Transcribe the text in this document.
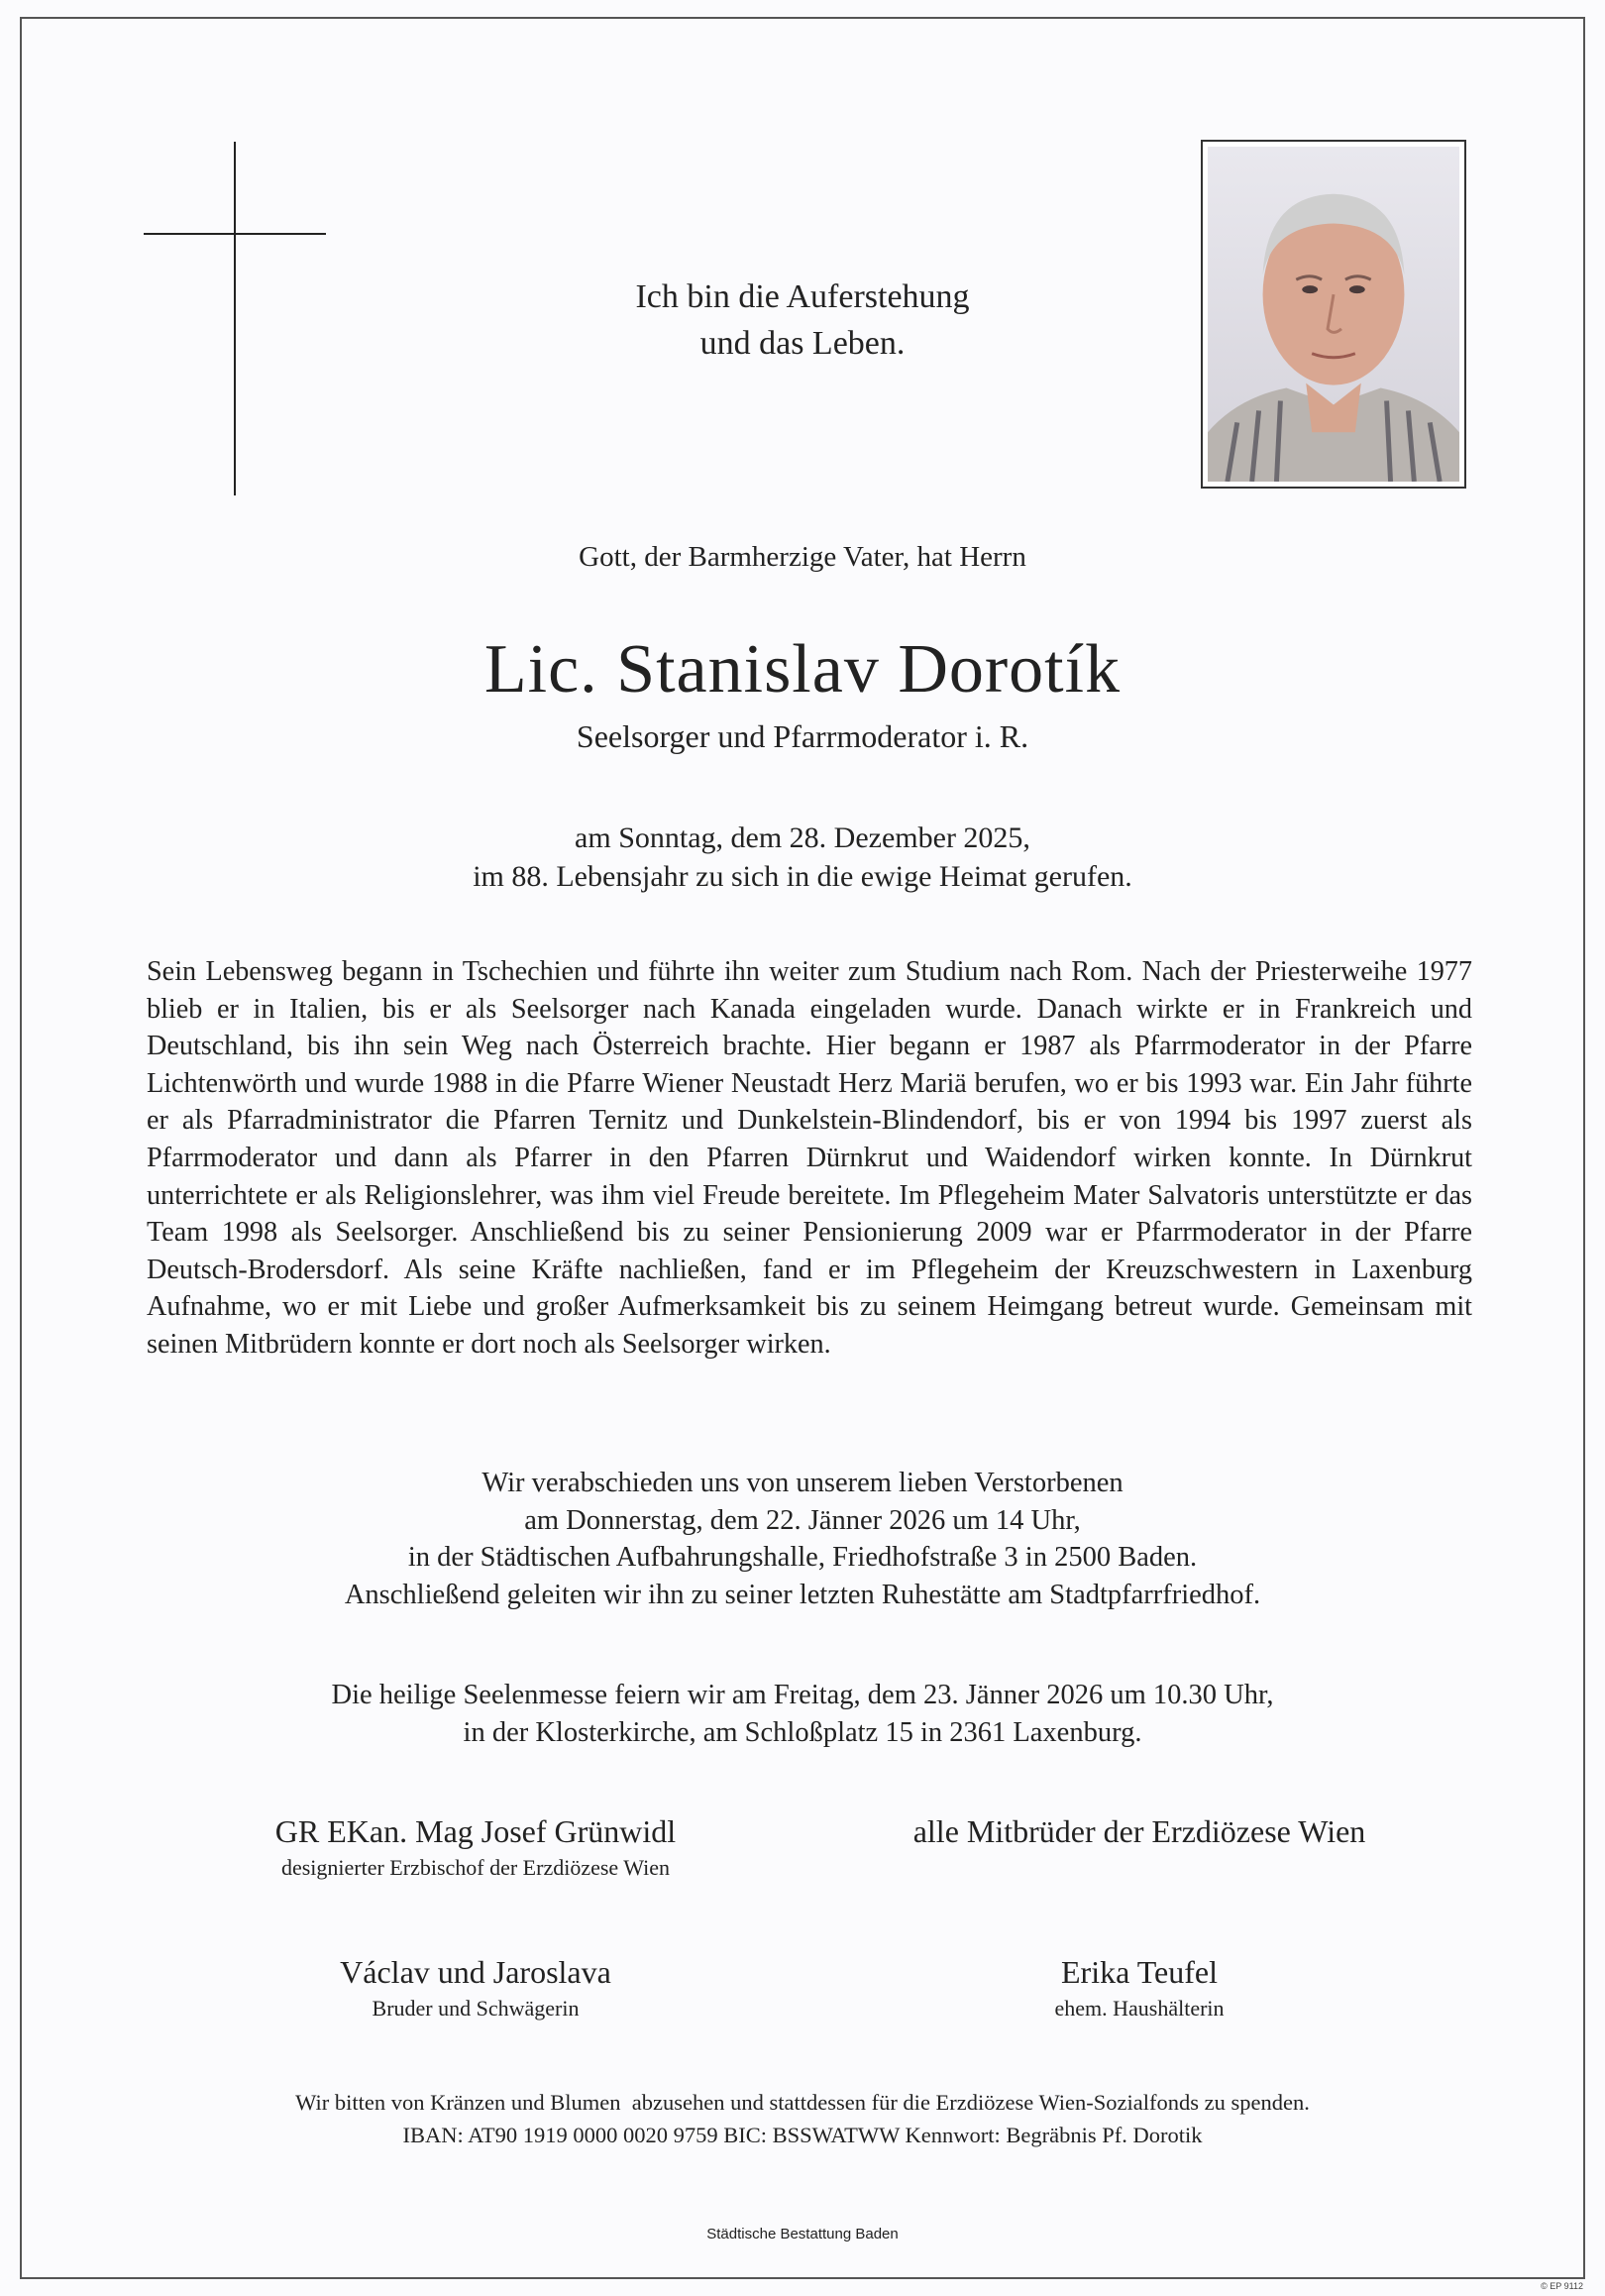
Ich bin die Auferstehung
und das Leben.
Gott, der Barmherzige Vater, hat Herrn
Lic. Stanislav Dorotík
Seelsorger und Pfarrmoderator i. R.
am Sonntag, dem 28. Dezember 2025,
im 88. Lebensjahr zu sich in die ewige Heimat gerufen.
Sein Lebensweg begann in Tschechien und führte ihn weiter zum Studium nach Rom. Nach der Priesterweihe 1977 blieb er in Italien, bis er als Seelsorger nach Kanada eingeladen wurde. Danach wirkte er in Frankreich und Deutschland, bis ihn sein Weg nach Österreich brachte. Hier begann er 1987 als Pfarrmoderator in der Pfarre Lichtenwörth und wurde 1988 in die Pfarre Wiener Neustadt Herz Mariä berufen, wo er bis 1993 war. Ein Jahr führte er als Pfarradministrator die Pfarren Ternitz und Dunkelstein-Blindendorf, bis er von 1994 bis 1997 zuerst als Pfarrmoderator und dann als Pfarrer in den Pfarren Dürnkrut und Waidendorf wirken konnte. In Dürnkrut unterrichtete er als Religionslehrer, was ihm viel Freude bereitete. Im Pflegeheim Mater Salvatoris unterstützte er das Team 1998 als Seelsorger. Anschließend bis zu seiner Pensionierung 2009 war er Pfarrmoderator in der Pfarre Deutsch-Brodersdorf. Als seine Kräfte nachließen, fand er im Pflegeheim der Kreuzschwestern in Laxenburg Aufnahme, wo er mit Liebe und großer Aufmerksamkeit bis zu seinem Heimgang betreut wurde. Gemeinsam mit seinen Mitbrüdern konnte er dort noch als Seelsorger wirken.
Wir verabschieden uns von unserem lieben Verstorbenen
am Donnerstag, dem 22. Jänner 2026 um 14 Uhr,
in der Städtischen Aufbahrungshalle, Friedhofstraße 3 in 2500 Baden.
Anschließend geleiten wir ihn zu seiner letzten Ruhestätte am Stadtpfarrfriedhof.
Die heilige Seelenmesse feiern wir am Freitag, dem 23. Jänner 2026 um 10.30 Uhr,
in der Klosterkirche, am Schloßplatz 15 in 2361 Laxenburg.
GR EKan. Mag Josef Grünwidl
designierter Erzbischof der Erzdiözese Wien
alle Mitbrüder der Erzdiözese Wien
Václav und Jaroslava
Bruder und Schwägerin
Erika Teufel
ehem. Haushälterin
Wir bitten von Kränzen und Blumen  abzusehen und stattdessen für die Erzdiözese Wien-Sozialfonds zu spenden.
IBAN: AT90 1919 0000 0020 9759 BIC: BSSWATWW Kennwort: Begräbnis Pf. Dorotik
Städtische Bestattung Baden
© EP 9112
